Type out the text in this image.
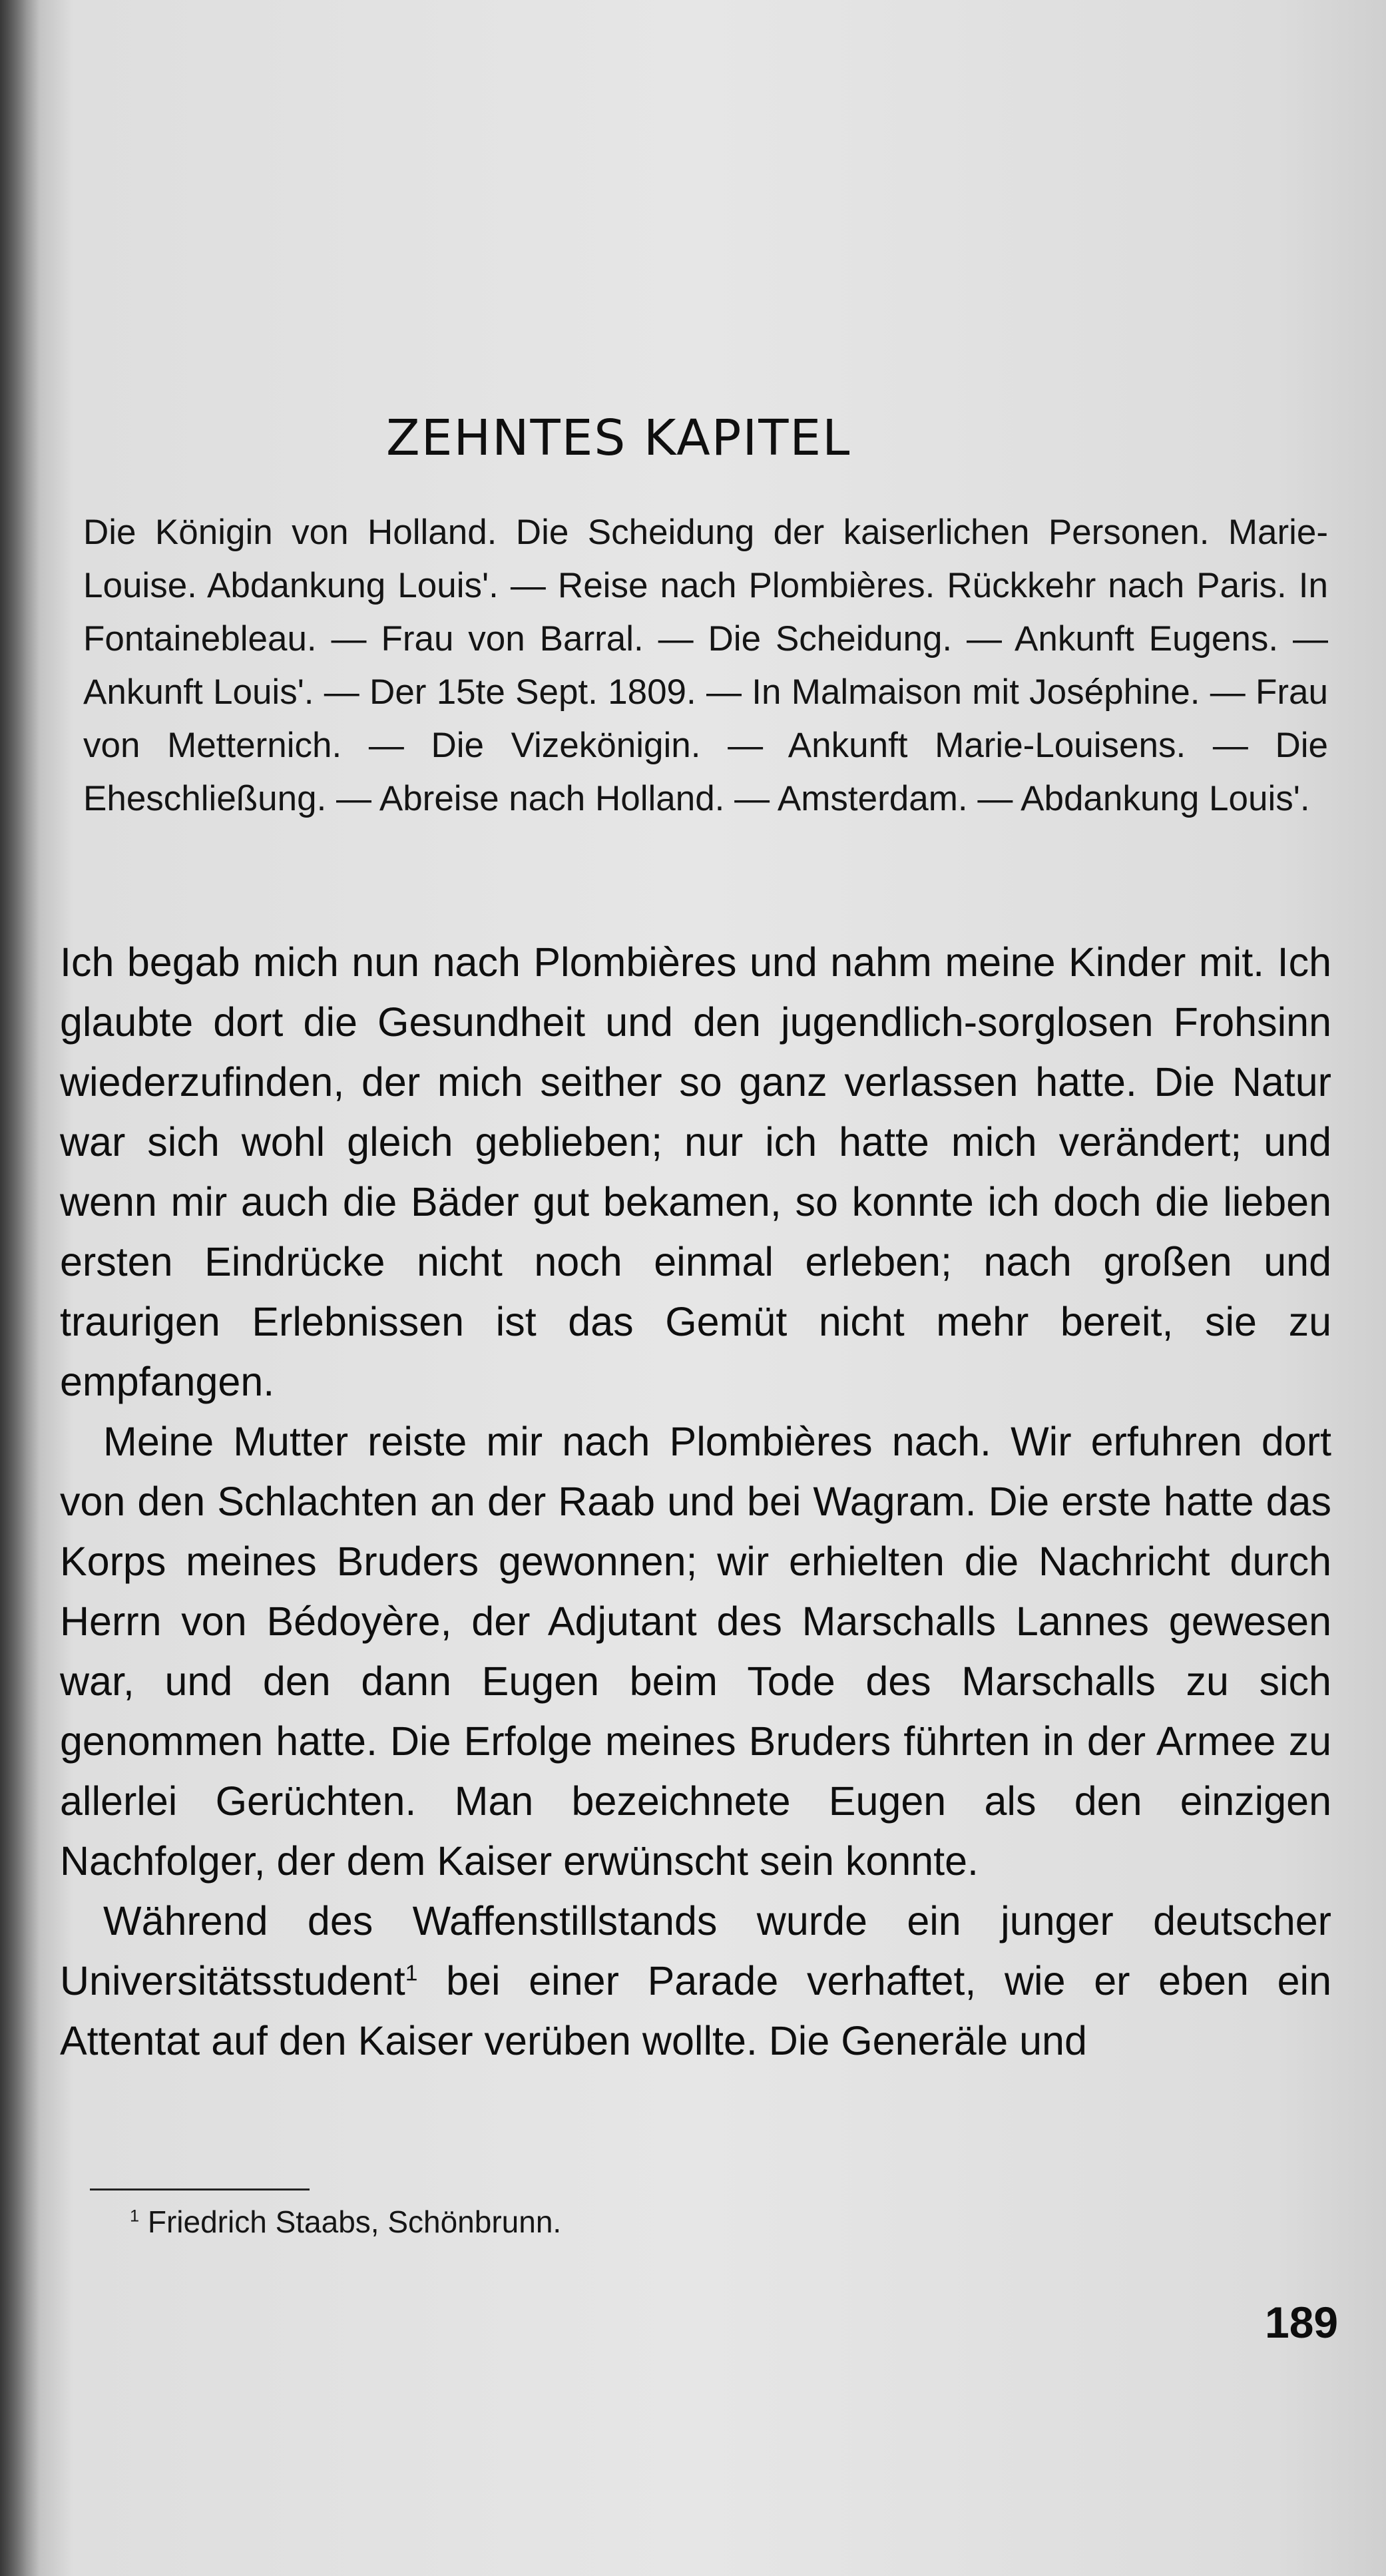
ZEHNTES KAPITEL
Die Königin von Holland. Die Scheidung der kaiserlichen Personen. Marie-Louise. Abdankung Louis'. — Reise nach Plombières. Rückkehr nach Paris. In Fontainebleau. — Frau von Barral. — Die Scheidung. — Ankunft Eugens. — Ankunft Louis'. — Der 15te Sept. 1809. — In Malmaison mit Joséphine. — Frau von Metternich. — Die Vizekönigin. — Ankunft Marie-Louisens. — Die Eheschließung. — Abreise nach Holland. — Amsterdam. — Abdankung Louis'.

Ich begab mich nun nach Plombières und nahm meine Kinder mit. Ich glaubte dort die Gesundheit und den jugendlich-sorglosen Frohsinn wiederzufinden, der mich seither so ganz verlassen hatte. Die Natur war sich wohl gleich geblieben; nur ich hatte mich verändert; und wenn mir auch die Bäder gut bekamen, so konnte ich doch die lieben ersten Eindrücke nicht noch einmal erleben; nach großen und traurigen Erlebnissen ist das Gemüt nicht mehr bereit, sie zu empfangen.

Meine Mutter reiste mir nach Plombières nach. Wir erfuhren dort von den Schlachten an der Raab und bei Wagram. Die erste hatte das Korps meines Bruders gewonnen; wir erhielten die Nachricht durch Herrn von Bédoyère, der Adjutant des Marschalls Lannes gewesen war, und den dann Eugen beim Tode des Marschalls zu sich genommen hatte. Die Erfolge meines Bruders führten in der Armee zu allerlei Gerüchten. Man bezeichnete Eugen als den einzigen Nachfolger, der dem Kaiser erwünscht sein konnte.

Während des Waffenstillstands wurde ein junger deutscher Universitätsstudent$^1$ bei einer Parade verhaftet, wie er eben ein Attentat auf den Kaiser verüben wollte. Die Generäle und

$^1$ Friedrich Staabs, Schönbrunn.
189
